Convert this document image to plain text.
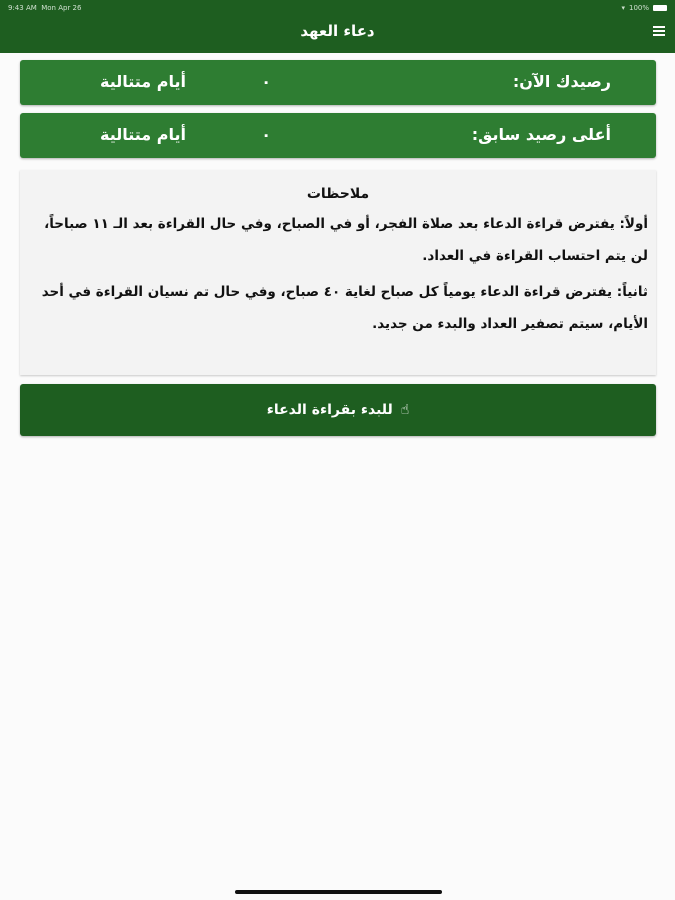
9:43 AM Mon Apr 26	▾ 100%
دعاء العهد
رصيدك الآن:
٠
أيام متتالية
أعلى رصيد سابق:
٠
أيام متتالية
ملاحظات

أولاً: يفترض قراءة الدعاء بعد صلاة الفجر، أو في الصباح، وفي حال القراءة بعد الـ ١١ صباحاً، لن يتم احتساب القراءة في العداد.

ثانياً: يفترض قراءة الدعاء يومياً كل صباح لغاية ٤٠ صباح، وفي حال تم نسيان القراءة في أحد الأيام، سيتم تصفير العداد والبدء من جديد.

☝
للبدء بقراءة الدعاء
